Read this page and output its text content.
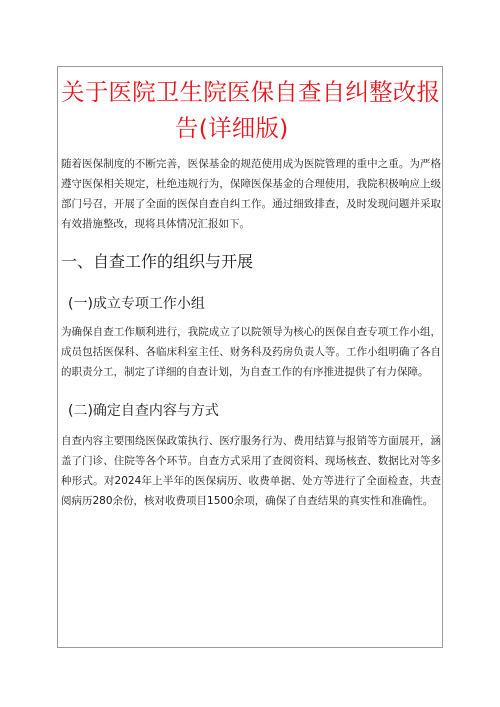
关于医院卫生院医保自查自纠整改报
告(详细版)

随着医保制度的不断完善，医保基金的规范使用成为医院管理的重中之重。为严格遵守医保相关规定，杜绝违规行为，保障医保基金的合理使用，我院积极响应上级部门号召，开展了全面的医保自查自纠工作。通过细致排查，及时发现问题并采取有效措施整改，现将具体情况汇报如下。

一、自查工作的组织与开展
(一)成立专项工作小组

为确保自查工作顺利进行，我院成立了以院领导为核心的医保自查专项工作小组，成员包括医保科、各临床科室主任、财务科及药房负责人等。工作小组明确了各自的职责分工，制定了详细的自查计划，为自查工作的有序推进提供了有力保障。

(二)确定自查内容与方式

自查内容主要围绕医保政策执行、医疗服务行为、费用结算与报销等方面展开，涵盖了门诊、住院等各个环节。自查方式采用了查阅资料、现场核查、数据比对等多种形式。对2024年上半年的医保病历、收费单据、处方等进行了全面检查，共查阅病历280余份，核对收费项目1500余项，确保了自查结果的真实性和准确性。
